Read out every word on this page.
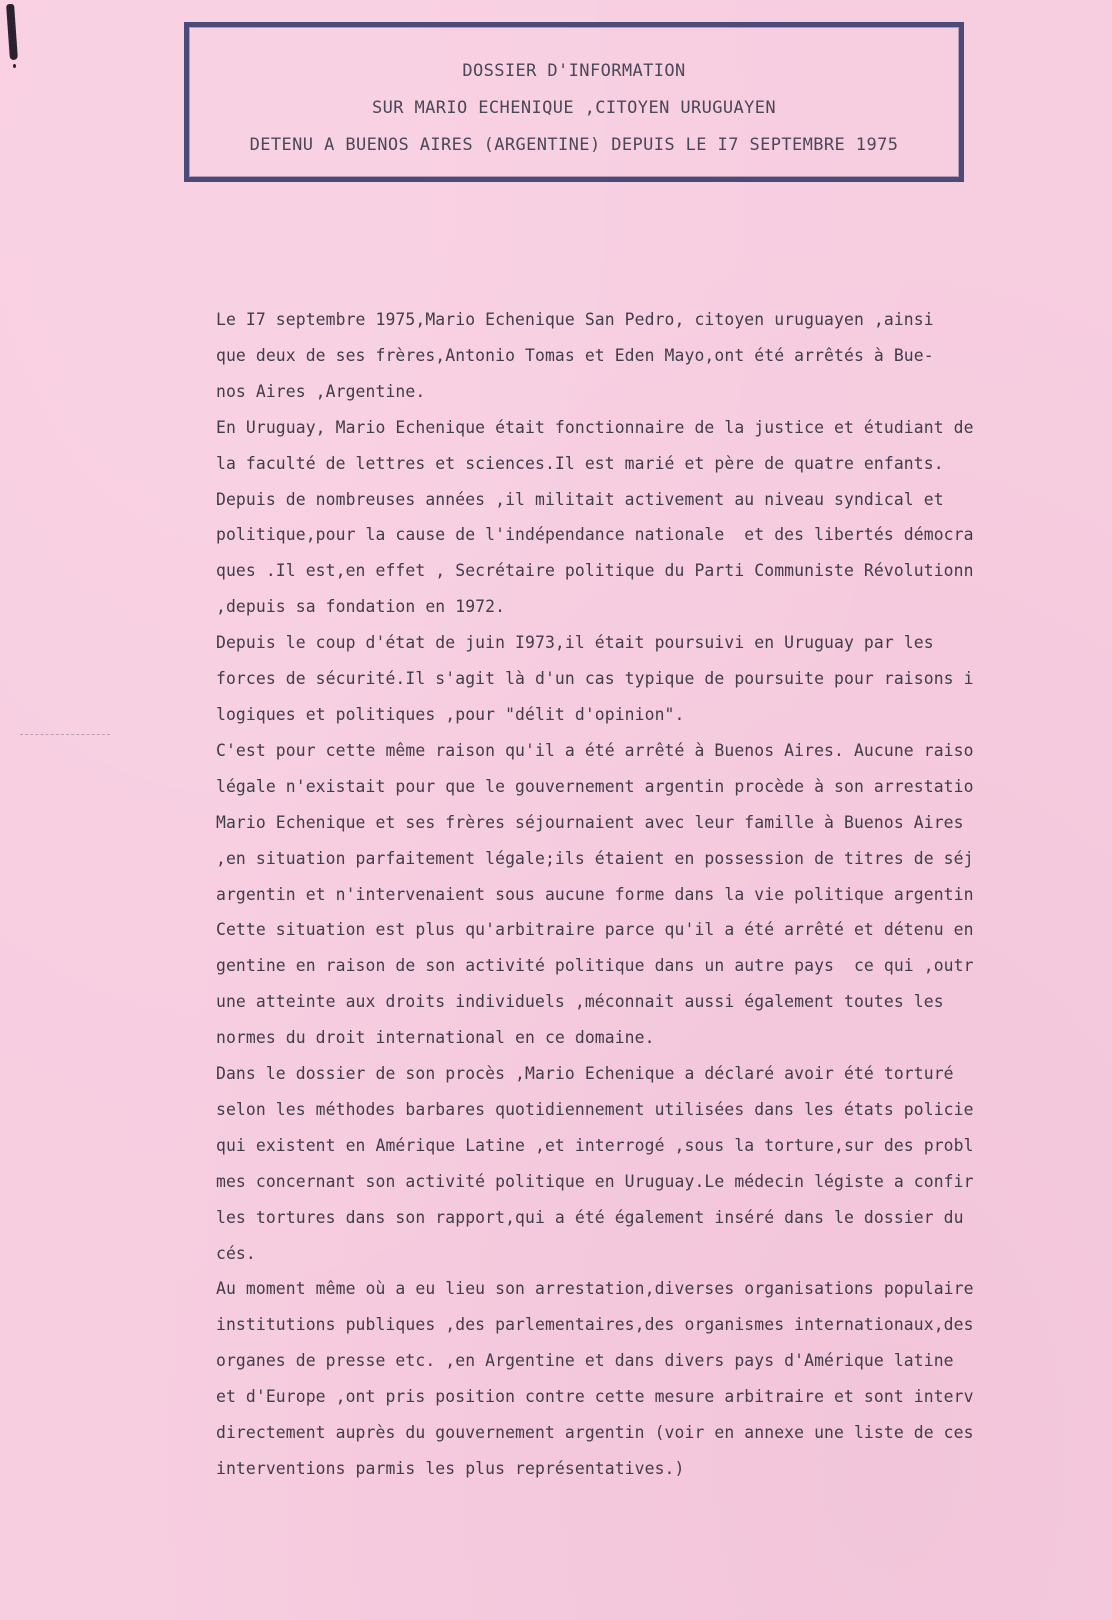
DOSSIER D'INFORMATION
SUR MARIO ECHENIQUE ,CITOYEN URUGUAYEN
DETENU A BUENOS AIRES (ARGENTINE) DEPUIS LE I7 SEPTEMBRE 1975
Le I7 septembre 1975,Mario Echenique San Pedro, citoyen uruguayen ,ainsi
que deux de ses frères,Antonio Tomas et Eden Mayo,ont été arrêtés à Bue-
nos Aires ,Argentine.
En Uruguay, Mario Echenique était fonctionnaire de la justice et étudiant de
la faculté de lettres et sciences.Il est marié et père de quatre enfants.
Depuis de nombreuses années ,il militait activement au niveau syndical et
politique,pour la cause de l'indépendance nationale  et des libertés démocra
ques .Il est,en effet , Secrétaire politique du Parti Communiste Révolutionn
,depuis sa fondation en 1972.
Depuis le coup d'état de juin I973,il était poursuivi en Uruguay par les
forces de sécurité.Il s'agit là d'un cas typique de poursuite pour raisons i
logiques et politiques ,pour "délit d'opinion".
C'est pour cette même raison qu'il a été arrêté à Buenos Aires. Aucune raiso
légale n'existait pour que le gouvernement argentin procède à son arrestatio
Mario Echenique et ses frères séjournaient avec leur famille à Buenos Aires
,en situation parfaitement légale;ils étaient en possession de titres de séj
argentin et n'intervenaient sous aucune forme dans la vie politique argentin
Cette situation est plus qu'arbitraire parce qu'il a été arrêté et détenu en
gentine en raison de son activité politique dans un autre pays  ce qui ,outr
une atteinte aux droits individuels ,méconnait aussi également toutes les
normes du droit international en ce domaine.
Dans le dossier de son procès ,Mario Echenique a déclaré avoir été torturé
selon les méthodes barbares quotidiennement utilisées dans les états policie
qui existent en Amérique Latine ,et interrogé ,sous la torture,sur des probl
mes concernant son activité politique en Uruguay.Le médecin légiste a confir
les tortures dans son rapport,qui a été également inséré dans le dossier du
cés.
Au moment même où a eu lieu son arrestation,diverses organisations populaire
institutions publiques ,des parlementaires,des organismes internationaux,des
organes de presse etc. ,en Argentine et dans divers pays d'Amérique latine
et d'Europe ,ont pris position contre cette mesure arbitraire et sont interv
directement auprès du gouvernement argentin (voir en annexe une liste de ces
interventions parmis les plus représentatives.)
